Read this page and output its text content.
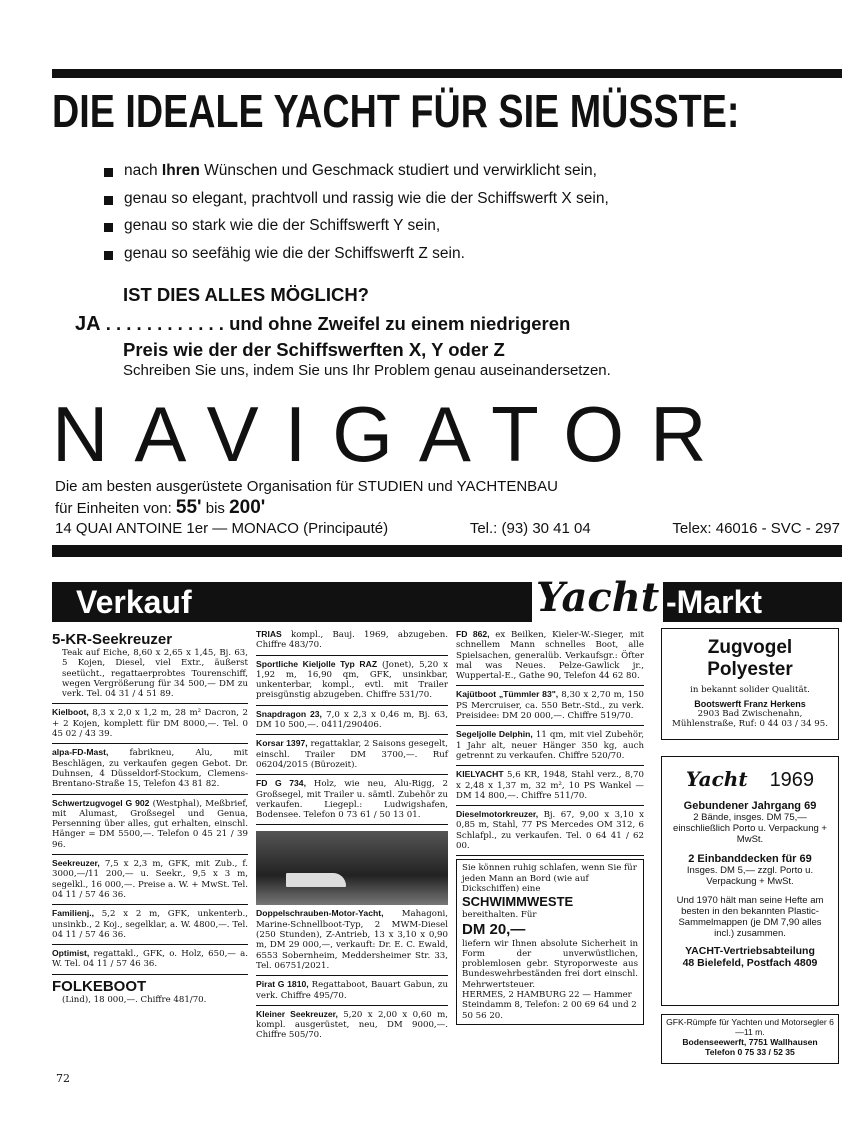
DIE IDEALE YACHT FÜR SIE MÜSSTE:
nach Ihren Wünschen und Geschmack studiert und verwirklicht sein,
genau so elegant, prachtvoll und rassig wie die der Schiffswerft X sein,
genau so stark wie die der Schiffswerft Y sein,
genau so seefähig wie die der Schiffswerft Z sein.
IST DIES ALLES MÖGLICH?
JA . . . . . . . . . . . . und ohne Zweifel zu einem niedrigeren
Preis wie der der Schiffswerften X, Y oder Z
Schreiben Sie uns, indem Sie uns Ihr Problem genau auseinandersetzen.
NAVIGATOR
Die am besten ausgerüstete Organisation für STUDIEN und YACHTENBAU
für Einheiten von: 55' bis 200'
14 QUAI ANTOINE 1er — MONACO (Principauté)	Tel.: (93) 30 41 04	Telex: 46016 - SVC - 297
Verkauf	Yacht -Markt
5-KR-Seekreuzer
Teak auf Eiche, 8,60 x 2,65 x 1,45, Bj. 63, 5 Kojen, Diesel, viel Extr., äußerst seetücht., regattaerprobtes Tourenschiff, wegen Vergrößerung für 34 500,— DM zu verk. Tel. 04 31 / 4 51 89.
Kielboot, 8,3 x 2,0 x 1,2 m, 28 m² Dacron, 2 + 2 Kojen, komplett für DM 8000,—. Tel. 0 45 02 / 43 39.
alpa-FD-Mast, fabrikneu, Alu, mit Beschlägen, zu verkaufen gegen Gebot. Dr. Duhnsen, 4 Düsseldorf-Stockum, Clemens-Brentano-Straße 15, Telefon 43 81 82.
Schwertzugvogel G 902 (Westphal), Meßbrief, mit Alumast, Großsegel und Genua, Persenning über alles, gut erhalten, einschl. Hänger = DM 5500,—. Telefon 0 45 21 / 39 96.
Seekreuzer, 7,5 x 2,3 m, GFK, mit Zub., f. 3000,—/11 200,— u. Seekr., 9,5 x 3 m, segelkl., 16 000,—. Preise a. W. + MwSt. Tel. 04 11 / 57 46 36.
Familienj., 5,2 x 2 m, GFK, unkenterb., unsinkb., 2 Koj., segelklar, a. W. 4800,—. Tel. 04 11 / 57 46 36.
Optimist, regattakl., GFK, o. Holz, 650,— a. W. Tel. 04 11 / 57 46 36.
FOLKEBOOT
(Lind), 18 000,—. Chiffre 481/70.
TRIAS kompl., Bauj. 1969, abzugeben. Chiffre 483/70.
Sportliche Kieljolle Typ RAZ (Jonet), 5,20 x 1,92 m, 16,90 qm, GFK, unsinkbar, unkenterbar, kompl., evtl. mit Trailer preisgünstig abzugeben. Chiffre 531/70.
Snapdragon 23, 7,0 x 2,3 x 0,46 m, Bj. 63, DM 10 500,—. 0411/290406.
Korsar 1397, regattaklar, 2 Saisons gesegelt, einschl. Trailer DM 3700,—. Ruf 06204/2015 (Bürozeit).
FD G 734, Holz, wie neu, Alu-Rigg, 2 Großsegel, mit Trailer u. sämtl. Zubehör zu verkaufen. Liegepl.: Ludwigshafen, Bodensee. Telefon 0 73 61 / 50 13 01.
Doppelschrauben-Motor-Yacht, Mahagoni, Marine-Schnellboot-Typ, 2 MWM-Diesel (250 Stunden), Z-Antrieb, 13 x 3,10 x 0,90 m, DM 29 000,—, verkauft: Dr. E. C. Ewald, 6553 Sobernheim, Meddersheimer Str. 33, Tel. 06751/2021.
Pirat G 1810, Regattaboot, Bauart Gabun, zu verk. Chiffre 495/70.
Kleiner Seekreuzer, 5,20 x 2,00 x 0,60 m, kompl. ausgerüstet, neu, DM 9000,—. Chiffre 505/70.
FD 862, ex Beilken, Kieler-W.-Sieger, mit schnellem Mann schnelles Boot, alle Spielsachen, generalüb. Verkaufsgr.: Öfter mal was Neues. Pelze-Gawlick jr., Wuppertal-E., Gathe 90, Telefon 44 62 80.
Kajütboot „Tümmler 83", 8,30 x 2,70 m, 150 PS Mercruiser, ca. 550 Betr.-Std., zu verk. Preisidee: DM 20 000,—. Chiffre 519/70.
Segeljolle Delphin, 11 qm, mit viel Zubehör, 1 Jahr alt, neuer Hänger 350 kg, auch getrennt zu verkaufen. Chiffre 520/70.
KIELYACHT 5,6 KR, 1948, Stahl verz., 8,70 x 2,48 x 1,37 m, 32 m², 10 PS Wankel — DM 14 800,—. Chiffre 511/70.
Dieselmotorkreuzer, Bj. 67, 9,00 x 3,10 x 0,85 m, Stahl, 77 PS Mercedes OM 312, 6 Schlafpl., zu verkaufen. Tel. 0 64 41 / 62 00.
Sie können ruhig schlafen, wenn Sie für jeden Mann an Bord (wie auf Dickschiffen) eine
SCHWIMMWESTE
bereithalten. Für
DM 20,—
liefern wir Ihnen absolute Sicherheit in Form der unverwüstlichen, problemlosen gebr. Styroporweste aus Bundeswehrbeständen frei dort einschl. Mehrwertsteuer.
HERMES, 2 HAMBURG 22 — Hammer Steindamm 8, Telefon: 2 00 69 64 und 2 50 56 20.
Zugvogel
Polyester
in bekannt solider Qualität.
Bootswerft Franz Herkens
2903 Bad Zwischenahn, Mühlenstraße, Ruf: 0 44 03 / 34 95.
Yacht 1969
Gebundener Jahrgang 69
2 Bände, insges. DM 75,— einschließlich Porto u. Verpackung + MwSt.
2 Einbanddecken für 69
Insges. DM 5,— zzgl. Porto u. Verpackung + MwSt.
Und 1970 hält man seine Hefte am besten in den bekannten Plastic-Sammelmappen (je DM 7,90 alles incl.) zusammen.
YACHT-Vertriebsabteilung
48 Bielefeld, Postfach 4809
GFK-Rümpfe für Yachten und Motorsegler 6—11 m.
Bodenseewerft, 7751 Wallhausen
Telefon 0 75 33 / 52 35
72
